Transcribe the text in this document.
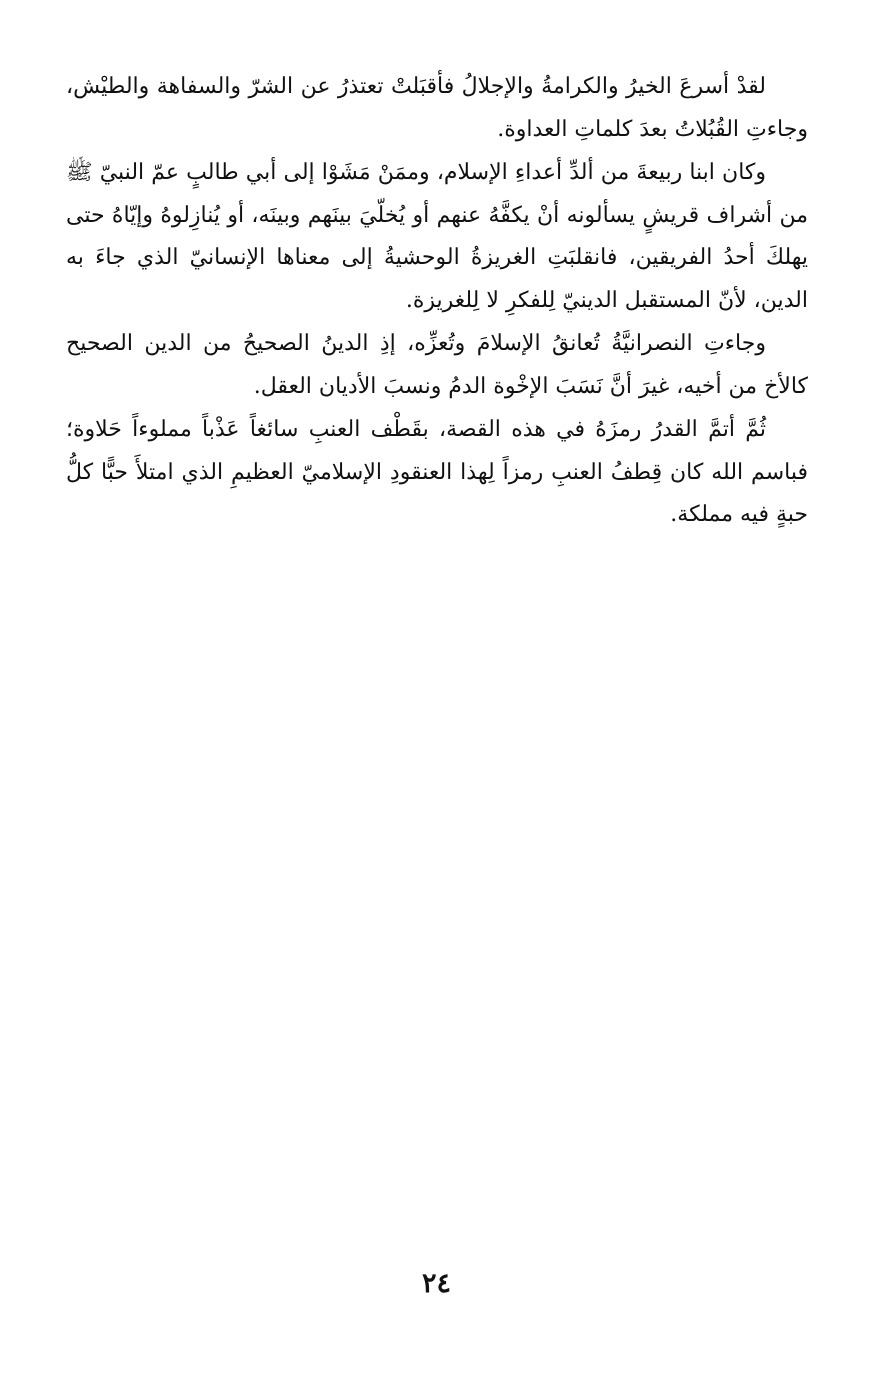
لقدْ أسرعَ الخيرُ والكرامةُ والإجلالُ فأقبَلتْ تعتذرُ عن الشرّ والسفاهة والطيْش، وجاءتِ القُبُلاتُ بعدَ كلماتِ العداوة.

وكان ابنا ربيعةَ من ألدِّ أعداءِ الإسلام، وممَنْ مَشَوْا إلى أبي طالبٍ عمّ النبيّ ﷺ من أشراف قريشٍ يسألونه أنْ يكفَّهُ عنهم أو يُخلّيَ بينَهم وبينَه، أو يُنازِلوهُ وإيّاهُ حتى يهلكَ أحدُ الفريقين، فانقلبَتِ الغريزةُ الوحشيةُ إلى معناها الإنسانيّ الذي جاءَ به الدين، لأنّ المستقبل الدينيّ لِلفكرِ لا لِلغريزة.

وجاءتِ النصرانيَّةُ تُعانقُ الإسلامَ وتُعزِّه، إذِ الدينُ الصحيحُ من الدين الصحيح كالأخ من أخيه، غيرَ أنَّ نَسَبَ الإخْوة الدمُ ونسبَ الأديان العقل.

ثُمَّ أتمَّ القدرُ رمزَهُ في هذه القصة، بقَطْف العنبِ سائغاً عَذْباً مملوءاً حَلاوة؛ فباسم الله كان قِطفُ العنبِ رمزاً لِهذا العنقودِ الإسلاميّ العظيمِ الذي امتلأَ حبًّا كلُّ حبةٍ فيه مملكة.

٢٤
